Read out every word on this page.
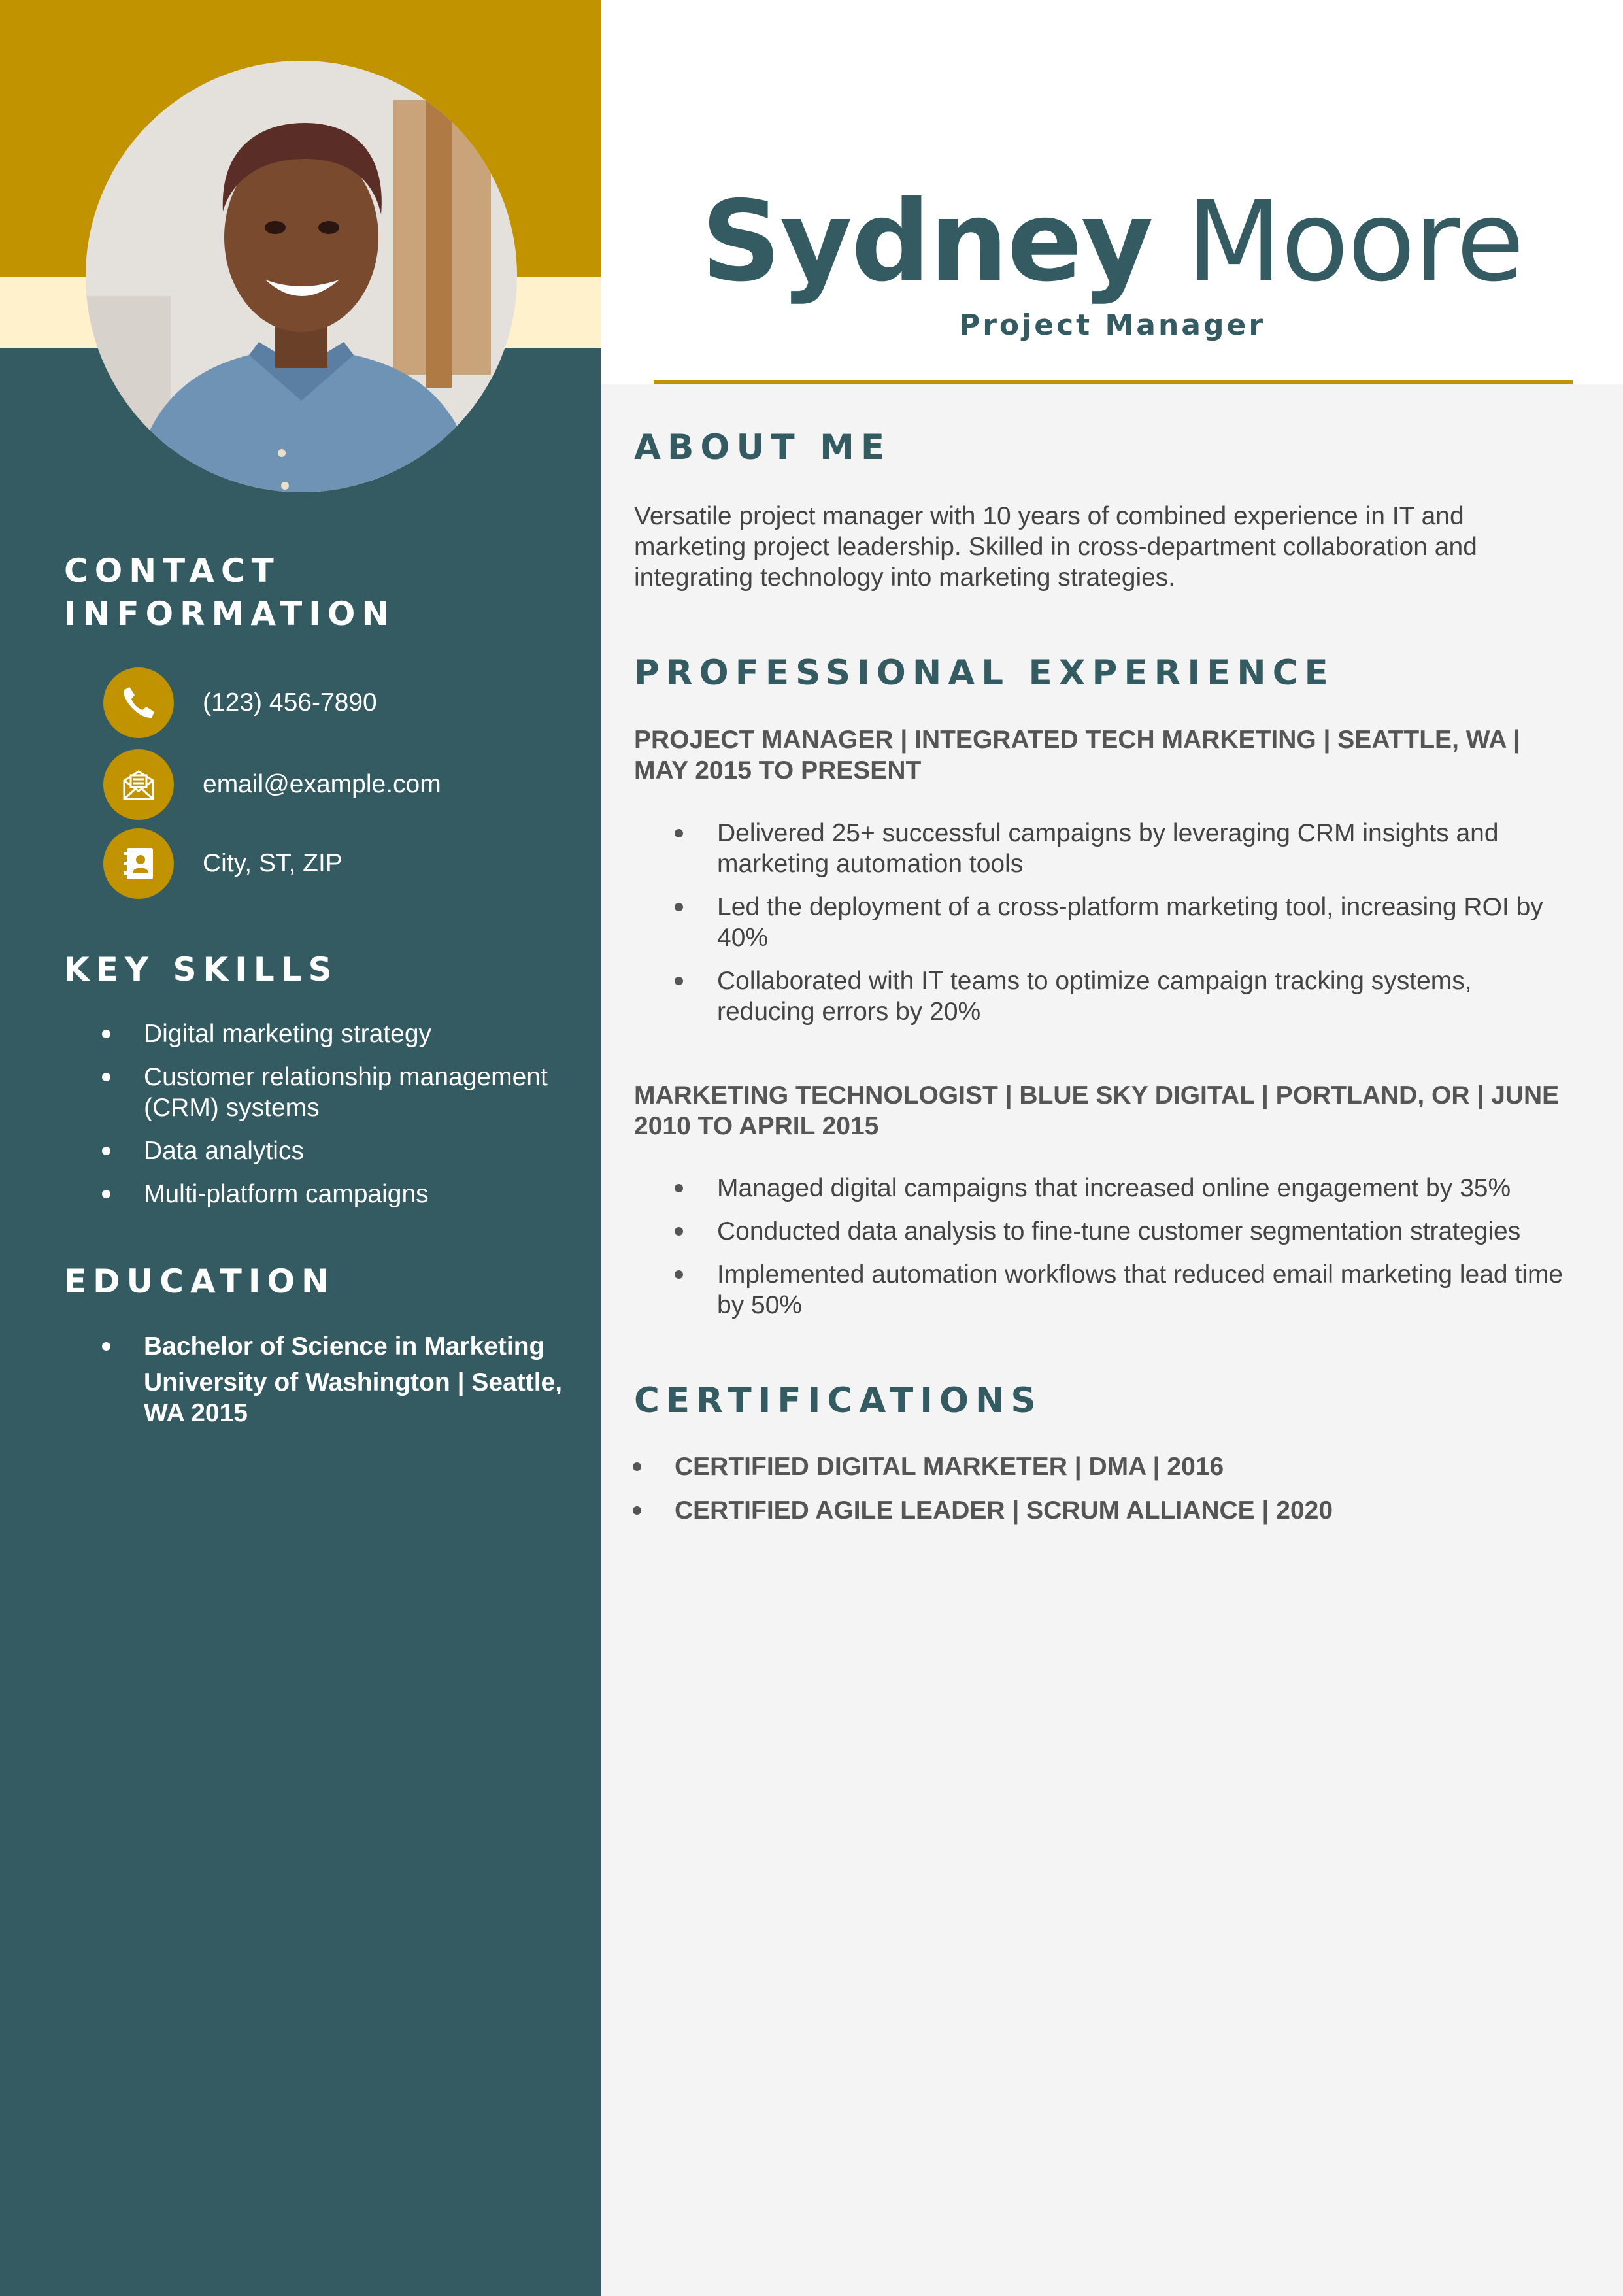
CONTACT INFORMATION
(123) 456-7890
email@example.com
City, ST, ZIP
KEY SKILLS
Digital marketing strategy
Customer relationship management (CRM) systems
Data analytics
Multi-platform campaigns
EDUCATION
Bachelor of Science in Marketing
University of Washington | Seattle, WA 2015
Sydney Moore
Project Manager
ABOUT ME

Versatile project manager with 10 years of combined experience in IT and marketing project leadership. Skilled in cross-department collaboration and integrating technology into marketing strategies.

PROFESSIONAL EXPERIENCE
PROJECT MANAGER | INTEGRATED TECH MARKETING | SEATTLE, WA | MAY 2015 TO PRESENT
Delivered 25+ successful campaigns by leveraging CRM insights and marketing automation tools
Led the deployment of a cross-platform marketing tool, increasing ROI by 40%
Collaborated with IT teams to optimize campaign tracking systems, reducing errors by 20%
MARKETING TECHNOLOGIST | BLUE SKY DIGITAL | PORTLAND, OR | JUNE 2010 TO APRIL 2015
Managed digital campaigns that increased online engagement by 35%
Conducted data analysis to fine-tune customer segmentation strategies
Implemented automation workflows that reduced email marketing lead time by 50%
CERTIFICATIONS
CERTIFIED DIGITAL MARKETER | DMA | 2016
CERTIFIED AGILE LEADER | SCRUM ALLIANCE | 2020
